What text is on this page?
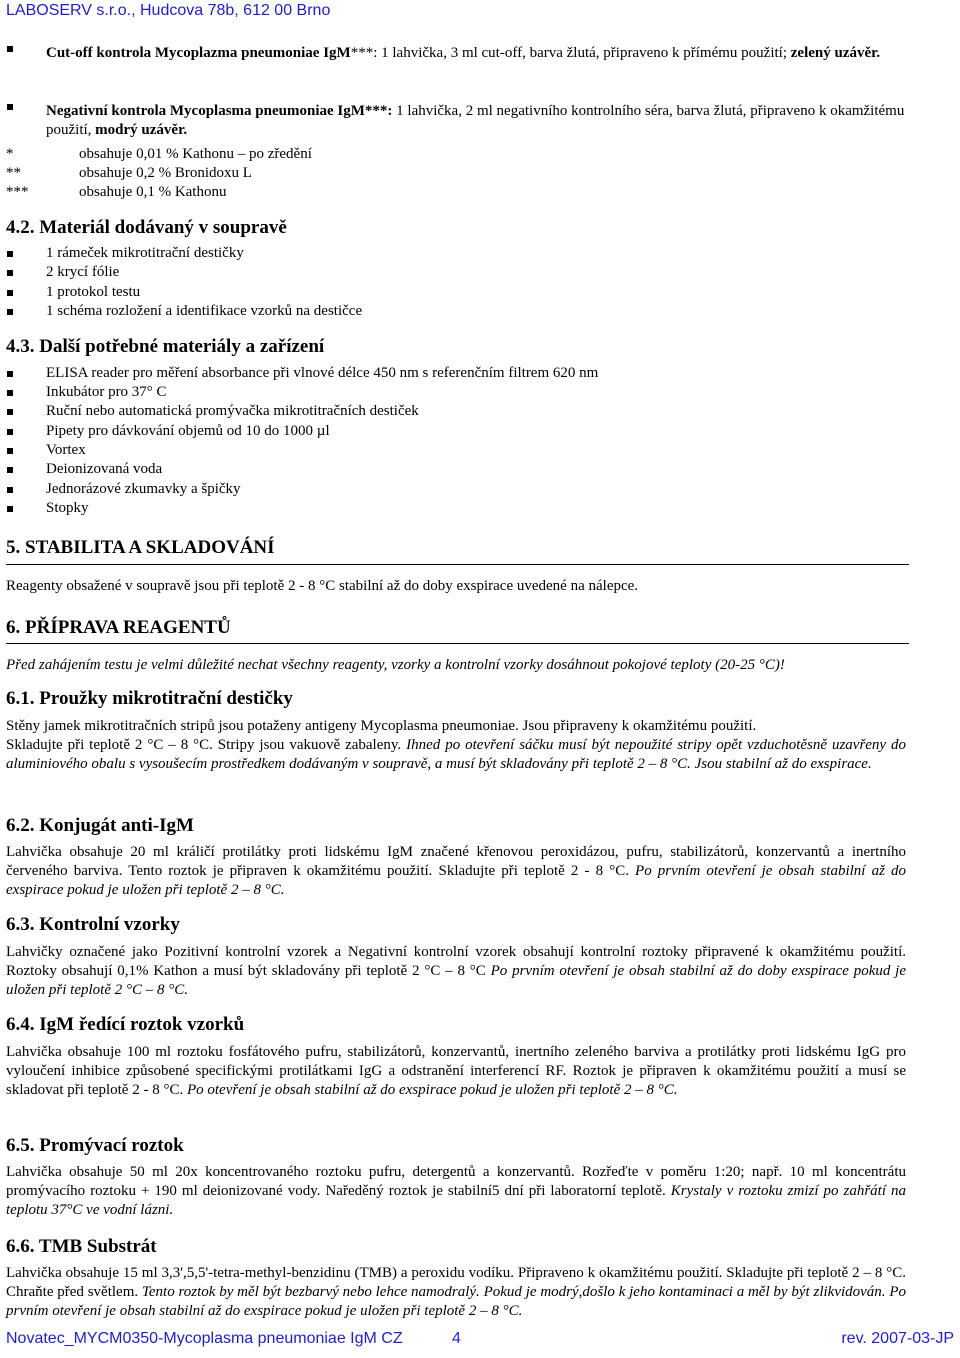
LABOSERV s.r.o., Hudcova 78b, 612 00 Brno
Cut-off kontrola Mycoplazma pneumoniae IgM***: 1 lahvička, 3 ml cut-off, barva žlutá, připraveno k přímému použití; zelený uzávěr.
Negativní kontrola Mycoplasma pneumoniae IgM***: 1 lahvička, 2 ml negativního kontrolního séra, barva žlutá, připraveno k okamžitému použití, modrý uzávěr.
*	obsahuje 0,01 % Kathonu – po zředění
**	obsahuje 0,2 % Bronidoxu L
***	obsahuje 0,1 % Kathonu
4.2. Materiál dodávaný v soupravě
1 rámeček mikrotitrační destičky
2 krycí fólie
1 protokol testu
1 schéma rozložení a identifikace vzorků na destičce
4.3. Další potřebné materiály a zařízení
ELISA reader pro měření absorbance při vlnové délce 450 nm s referenčním filtrem 620 nm
Inkubátor pro 37° C
Ruční nebo automatická promývačka mikrotitračních destiček
Pipety pro dávkování objemů od 10 do 1000 µl
Vortex
Deionizovaná voda
Jednorázové zkumavky a špičky
Stopky
5. STABILITA A SKLADOVÁNÍ
Reagenty obsažené v soupravě jsou při teplotě 2 - 8 °C stabilní až do doby exspirace uvedené na nálepce.
6. PŘÍPRAVA REAGENTŮ
Před zahájením testu je velmi důležité nechat všechny reagenty, vzorky a kontrolní vzorky dosáhnout pokojové teploty (20-25 °C)!
6.1. Proužky mikrotitrační destičky
Stěny jamek mikrotitračních stripů jsou potaženy antigeny Mycoplasma pneumoniae. Jsou připraveny k okamžitému použití.
Skladujte při teplotě 2 °C – 8 °C. Stripy jsou vakuově zabaleny. Ihned po otevření sáčku musí být nepoužité stripy opět vzduchotěsně uzavřeny do aluminiového obalu s vysoušecím prostředkem dodávaným v soupravě, a musí být skladovány při teplotě 2 – 8 °C. Jsou stabilní až do exspirace.
6.2. Konjugát anti-IgM
Lahvička obsahuje 20 ml králičí protilátky proti lidskému IgM značené křenovou peroxidázou, pufru, stabilizátorů, konzervantů a inertního červeného barviva. Tento roztok je připraven k okamžitému použití. Skladujte při teplotě 2 - 8 °C. Po prvním otevření je obsah stabilní až do exspirace pokud je uložen při teplotě 2 – 8 °C.
6.3. Kontrolní vzorky
Lahvičky označené jako Pozitivní kontrolní vzorek a Negativní kontrolní vzorek obsahují kontrolní roztoky připravené k okamžitému použití. Roztoky obsahují 0,1% Kathon a musí být skladovány při teplotě 2 °C – 8 °C Po prvním otevření je obsah stabilní až do doby exspirace pokud je uložen při teplotě 2 °C – 8 °C.
6.4. IgM ředící roztok vzorků
Lahvička obsahuje 100 ml roztoku fosfátového pufru, stabilizátorů, konzervantů, inertního zeleného barviva a protilátky proti lidskému IgG pro vyloučení inhibice způsobené specifickými protilátkami IgG a odstranění interferencí RF. Roztok je připraven k okamžitému použití a musí se skladovat při teplotě 2 - 8 °C. Po otevření je obsah stabilní až do exspirace pokud je uložen při teplotě 2 – 8 °C.
6.5. Promývací roztok
Lahvička obsahuje 50 ml 20x koncentrovaného roztoku pufru, detergentů a konzervantů. Rozřeďte v poměru 1:20; např. 10 ml koncentrátu promývacího roztoku + 190 ml deionizované vody. Naředěný roztok je stabilní5 dní při laboratorní teplotě. Krystaly v roztoku zmizí po zahřátí na teplotu 37°C ve vodní lázni.
6.6. TMB Substrát
Lahvička obsahuje 15 ml 3,3',5,5'-tetra-methyl-benzidinu (TMB) a peroxidu vodíku. Připraveno k okamžitému použití. Skladujte při teplotě 2 – 8 °C. Chraňte před světlem. Tento roztok by měl být bezbarvý nebo lehce namodralý. Pokud je modrý,došlo k jeho kontaminaci a měl by být zlikvidován. Po prvním otevření je obsah stabilní až do exspirace pokud je uložen při teplotě 2 – 8 °C.
Novatec_MYCM0350-Mycoplasma pneumoniae IgM CZ	4	rev. 2007-03-JP
